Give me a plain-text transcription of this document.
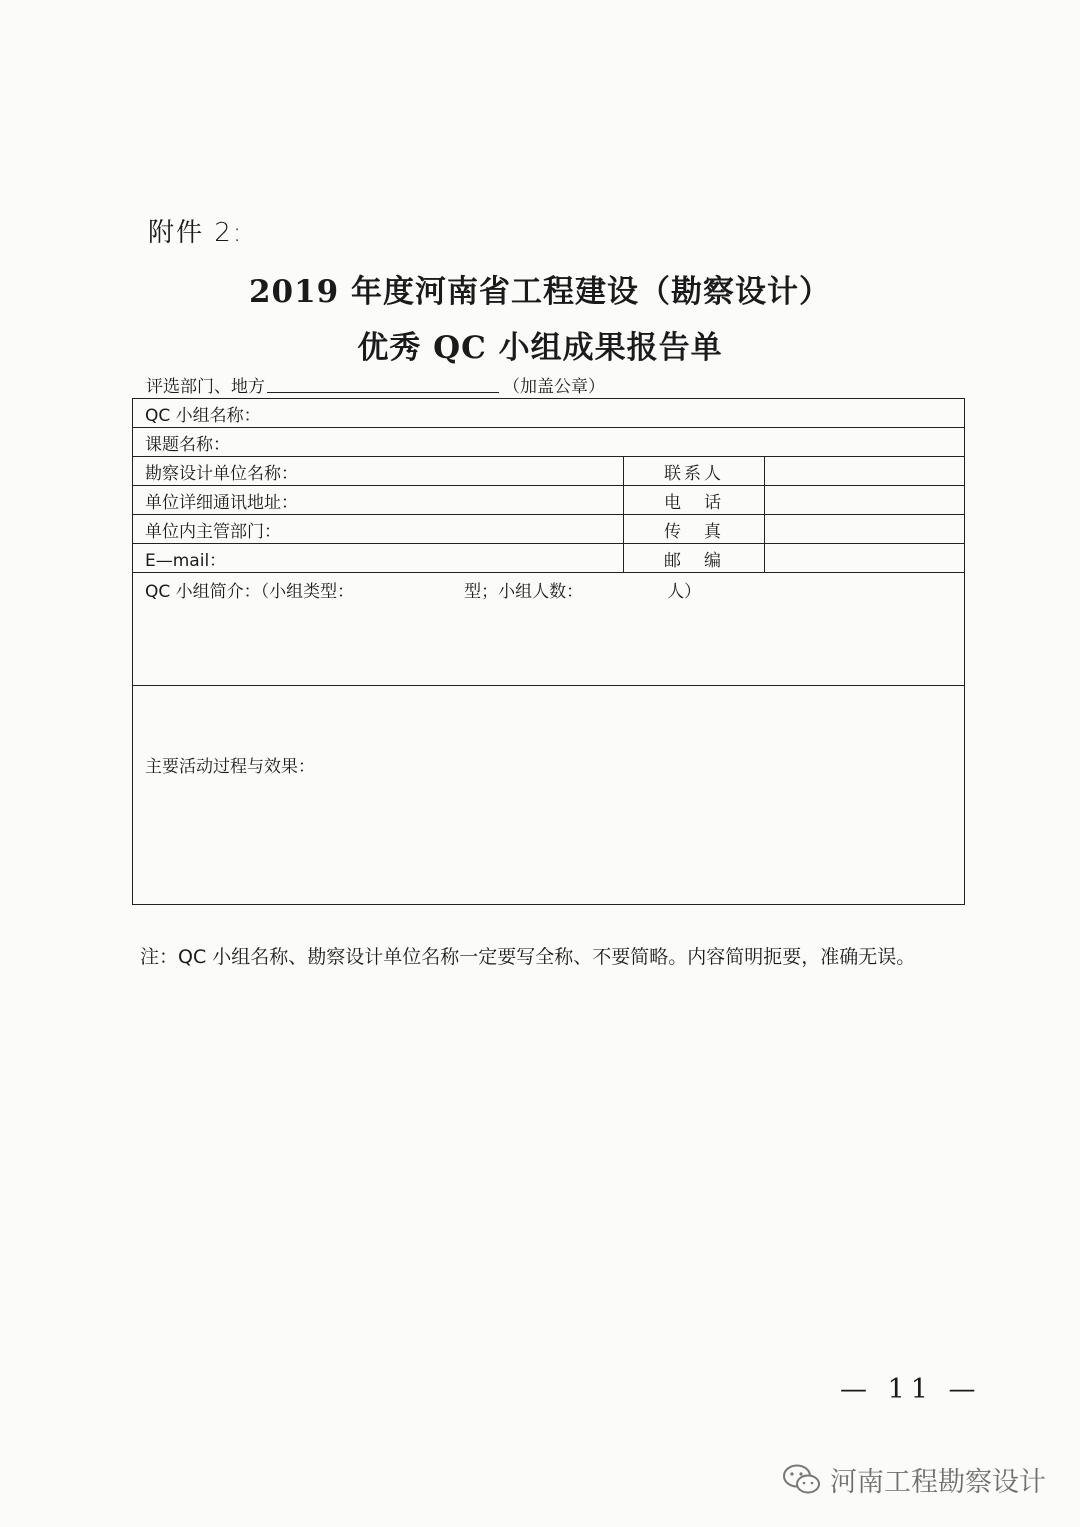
附件 2:
2019 年度河南省工程建设（勘察设计）
优秀 QC 小组成果报告单
评选部门、地方	（加盖公章）
QC 小组名称：
课题名称：
勘察设计单位名称：	联系人
单位详细通讯地址：	电　话
单位内主管部门：	传　真
E—mail：	邮　编
QC 小组简介：（小组类型：	型；小组人数：	人）
主要活动过程与效果：
注：QC 小组名称、勘察设计单位名称一定要写全称、不要简略。内容简明扼要，准确无误。
— 11 —
河南工程勘察设计
